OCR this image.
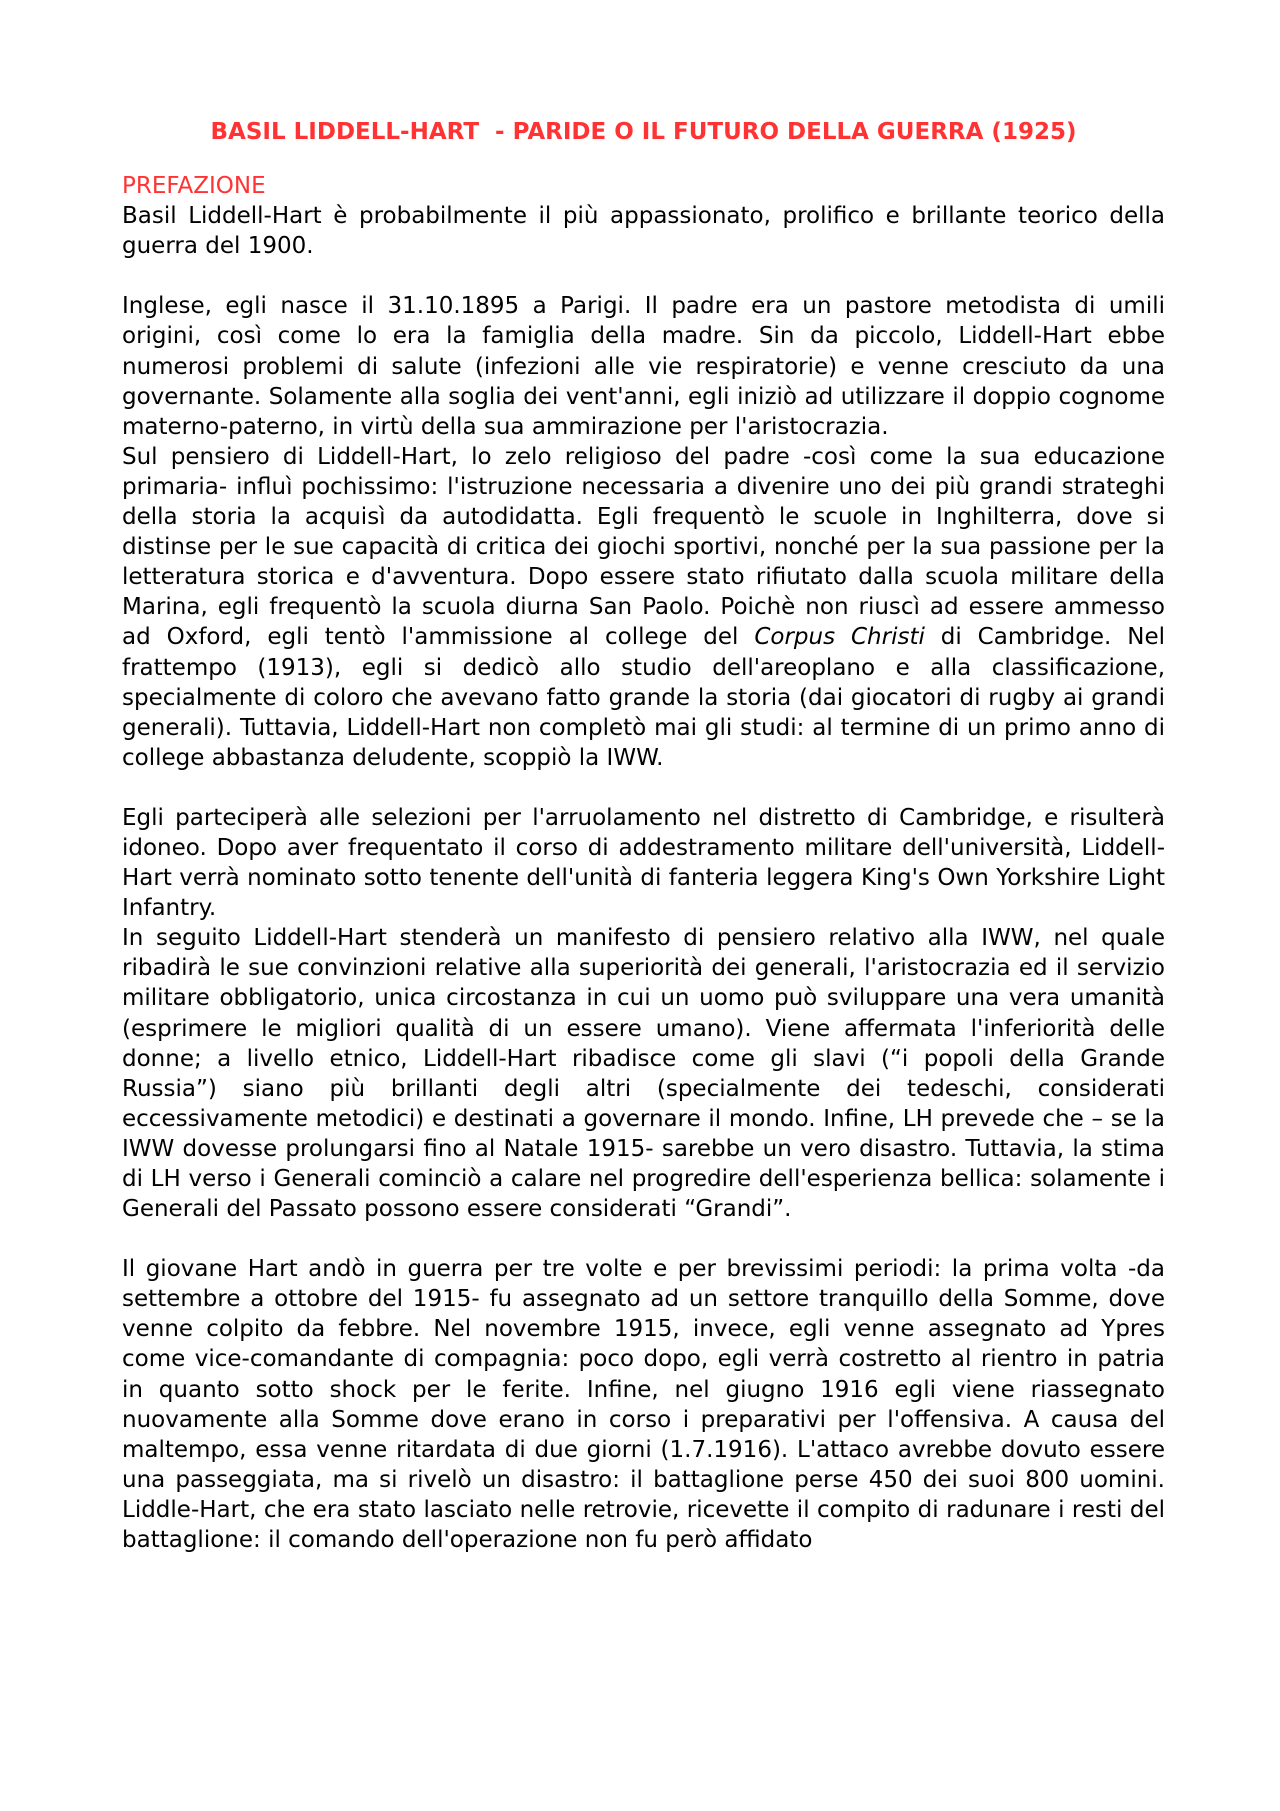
BASIL LIDDELL-HART  - PARIDE O IL FUTURO DELLA GUERRA (1925)
PREFAZIONE

Basil Liddell-Hart è probabilmente il più appassionato, prolifico e brillante teorico della guerra del 1900.

Inglese, egli nasce il 31.10.1895 a Parigi. Il padre era un pastore metodista di umili origini, così come lo era la famiglia della madre. Sin da piccolo, Liddell-Hart ebbe numerosi problemi di salute (infezioni alle vie respiratorie) e venne cresciuto da una governante. Solamente alla soglia dei vent'anni, egli iniziò ad utilizzare il doppio cognome materno-paterno, in virtù della sua ammirazione per l'aristocrazia.

Sul pensiero di Liddell-Hart, lo zelo religioso del padre -così come la sua educazione primaria- influì pochissimo: l'istruzione necessaria a divenire uno dei più grandi strateghi della storia la acquisì da autodidatta. Egli frequentò le scuole in Inghilterra, dove si distinse per le sue capacità di critica dei giochi sportivi, nonché per la sua passione per la letteratura storica e d'avventura. Dopo essere stato rifiutato dalla scuola militare della Marina, egli frequentò la scuola diurna San Paolo. Poichè non riuscì ad essere ammesso ad Oxford, egli tentò l'ammissione al college del Corpus Christi di Cambridge. Nel frattempo (1913), egli si dedicò allo studio dell'areoplano e alla classificazione, specialmente di coloro che avevano fatto grande la storia (dai giocatori di rugby ai grandi generali). Tuttavia, Liddell-Hart non completò mai gli studi: al termine di un primo anno di college abbastanza deludente, scoppiò la IWW.

Egli parteciperà alle selezioni per l'arruolamento nel distretto di Cambridge, e risulterà idoneo. Dopo aver frequentato il corso di addestramento militare dell'università, Liddell-Hart verrà nominato sotto tenente dell'unità di fanteria leggera King's Own Yorkshire Light Infantry.

In seguito Liddell-Hart stenderà un manifesto di pensiero relativo alla IWW, nel quale ribadirà le sue convinzioni relative alla superiorità dei generali, l'aristocrazia ed il servizio militare obbligatorio, unica circostanza in cui un uomo può sviluppare una vera umanità (esprimere le migliori qualità di un essere umano). Viene affermata l'inferiorità delle donne; a livello etnico, Liddell-Hart ribadisce come gli slavi (“i popoli della Grande Russia”) siano più brillanti degli altri (specialmente dei tedeschi, considerati eccessivamente metodici) e destinati a governare il mondo. Infine, LH prevede che – se la IWW dovesse prolungarsi fino al Natale 1915- sarebbe un vero disastro. Tuttavia, la stima di LH verso i Generali cominciò a calare nel progredire dell'esperienza bellica: solamente i Generali del Passato possono essere considerati “Grandi”.

Il giovane Hart andò in guerra per tre volte e per brevissimi periodi: la prima volta -da settembre a ottobre del 1915- fu assegnato ad un settore tranquillo della Somme, dove venne colpito da febbre. Nel novembre 1915, invece, egli venne assegnato ad Ypres come vice-comandante di compagnia: poco dopo, egli verrà costretto al rientro in patria in quanto sotto shock per le ferite. Infine, nel giugno 1916 egli viene riassegnato nuovamente alla Somme dove erano in corso i preparativi per l'offensiva. A causa del maltempo, essa venne ritardata di due giorni (1.7.1916). L'attaco avrebbe dovuto essere una passeggiata, ma si rivelò un disastro: il battaglione perse 450 dei suoi 800 uomini. Liddle-Hart, che era stato lasciato nelle retrovie, ricevette il compito di radunare i resti del battaglione: il comando dell'operazione non fu però affidato
